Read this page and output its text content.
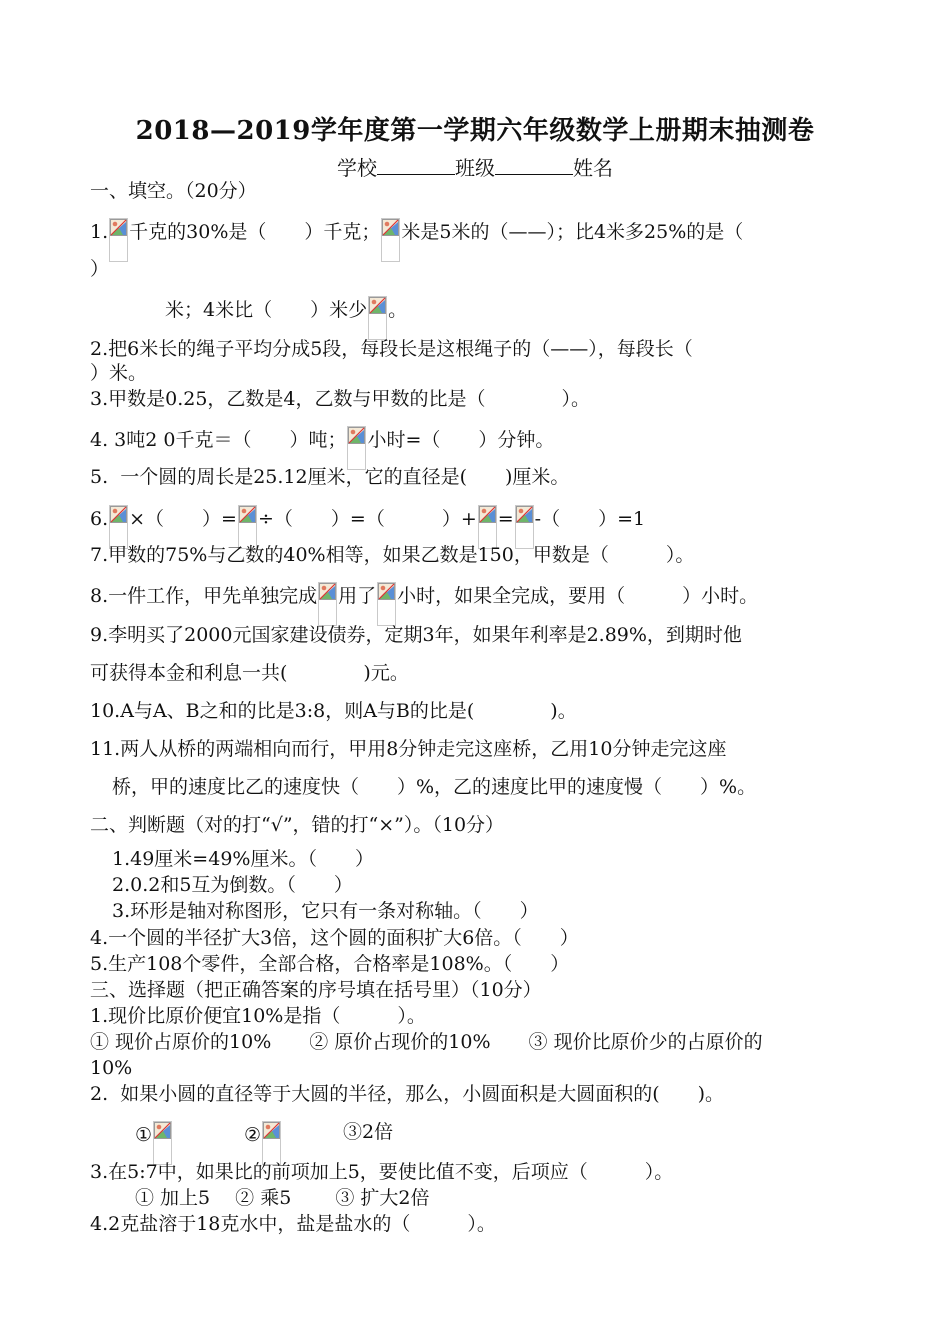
2018—2019学年度第一学期六年级数学上册期末抽测卷
学校	班级	姓名
一、填空。（20分）
1. 千克的30%是（　　）千克； 米是5米的（——）；比4米多25%的是（
）
米；4米比（　　）米少 。
2.把6米长的绳子平均分成5段，每段长是这根绳子的（——），每段长（
）米。
3.甲数是0.25，乙数是4，乙数与甲数的比是（　　　　）。
4. 3吨2 0千克＝（　　）吨； 小时=（　　）分钟。
5.  一个圆的周长是25.12厘米，它的直径是(　　)厘米。
6. ×（　　）= ÷（　　）=（　　　）+ = -（　　）=1
7.甲数的75%与乙数的40%相等，如果乙数是150，甲数是（　　　）。
8.一件工作，甲先单独完成 用了 小时，如果全完成，要用（　　　）小时。
9.李明买了2000元国家建设债券，定期3年，如果年利率是2.89%，到期时他
可获得本金和利息一共(　　　　)元。
10.A与A、B之和的比是3:8，则A与B的比是(　　　　)。
11.两人从桥的两端相向而行，甲用8分钟走完这座桥，乙用10分钟走完这座
桥，甲的速度比乙的速度快（　　）%，乙的速度比甲的速度慢（　　）%。
二、判断题（对的打“√”，错的打“×”）。（10分）
1.49厘米=49%厘米。（　　）
2.0.2和5互为倒数。（　　）
3.环形是轴对称图形，它只有一条对称轴。（　　）
4.一个圆的半径扩大3倍，这个圆的面积扩大6倍。（　　）
5.生产108个零件，全部合格，合格率是108%。（　　）
三、选择题（把正确答案的序号填在括号里）（10分）
1.现价比原价便宜10%是指（　　　）。
① 现价占原价的10%　　② 原价占现价的10%　　③ 现价比原价少的占原价的
10%
2.  如果小圆的直径等于大圆的半径，那么，小圆面积是大圆面积的(　　)。
①	②	③2倍
3.在5:7中，如果比的前项加上5，要使比值不变，后项应（　　　）。
① 加上5　 ② 乘5　　 ③ 扩大2倍
4.2克盐溶于18克水中，盐是盐水的（　　　）。
